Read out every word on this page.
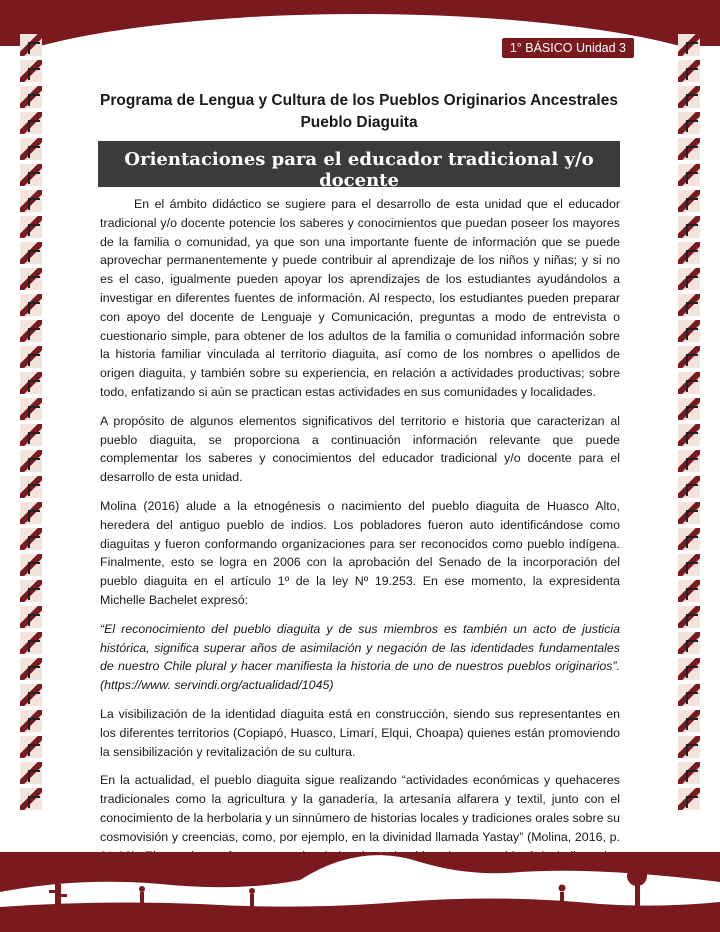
1° BÁSICO Unidad 3
Programa de Lengua y Cultura de los Pueblos Originarios Ancestrales
Pueblo Diaguita
Orientaciones para el educador tradicional y/o docente

En el ámbito didáctico se sugiere para el desarrollo de esta unidad que el educador tradicional y/o docente potencie los saberes y conocimientos que puedan poseer los mayores de la familia o comunidad, ya que son una importante fuente de información que se puede aprovechar permanentemente y puede contribuir al aprendizaje de los niños y niñas; y si no es el caso, igualmente pueden apoyar los aprendizajes de los estudiantes ayudándolos a investigar en diferentes fuentes de información. Al respecto, los estudiantes pueden preparar con apoyo del docente de Lenguaje y Comunicación, preguntas a modo de entrevista o cuestionario simple, para obtener de los adultos de la familia o comunidad información sobre la historia familiar vinculada al territorio diaguita, así como de los nombres o apellidos de origen diaguita, y también sobre su experiencia, en relación a actividades productivas; sobre todo, enfatizando si aún se practican estas actividades en sus comunidades y localidades.

A propósito de algunos elementos significativos del territorio e historia que caracterizan al pueblo diaguita, se proporciona a continuación información relevante que puede complementar los saberes y conocimientos del educador tradicional y/o docente para el desarrollo de esta unidad.

Molina (2016) alude a la etnogénesis o nacimiento del pueblo diaguita de Huasco Alto, heredera del antiguo pueblo de indios. Los pobladores fueron auto identificándose como diaguitas y fueron conformando organizaciones para ser reconocidos como pueblo indígena. Finalmente, esto se logra en 2006 con la aprobación del Senado de la incorporación del pueblo diaguita en el artículo 1º de la ley Nº 19.253. En ese momento, la expresidenta Michelle Bachelet expresó:

“El reconocimiento del pueblo diaguita y de sus miembros es también un acto de justicia histórica, significa superar años de asimilación y negación de las identidades fundamentales de nuestro Chile plural y hacer manifiesta la historia de uno de nuestros pueblos originarios”. (https://www. servindi.org/actualidad/1045)

La visibilización de la identidad diaguita está en construcción, siendo sus representantes en los diferentes territorios (Copiapó, Huasco, Limarí, Elqui, Choapa) quienes están promoviendo la sensibilización y revitalización de su cultura.

En la actualidad, el pueblo diaguita sigue realizando “actividades económicas y quehaceres tradicionales como la agricultura y la ganadería, la artesanía alfarera y textil, junto con el conocimiento de la herbolaria y un sinnúmero de historias locales y tradiciones orales sobre su cosmovisión y creencias, como, por ejemplo, en la divinidad llamada Yastay” (Molina, 2016, p.
